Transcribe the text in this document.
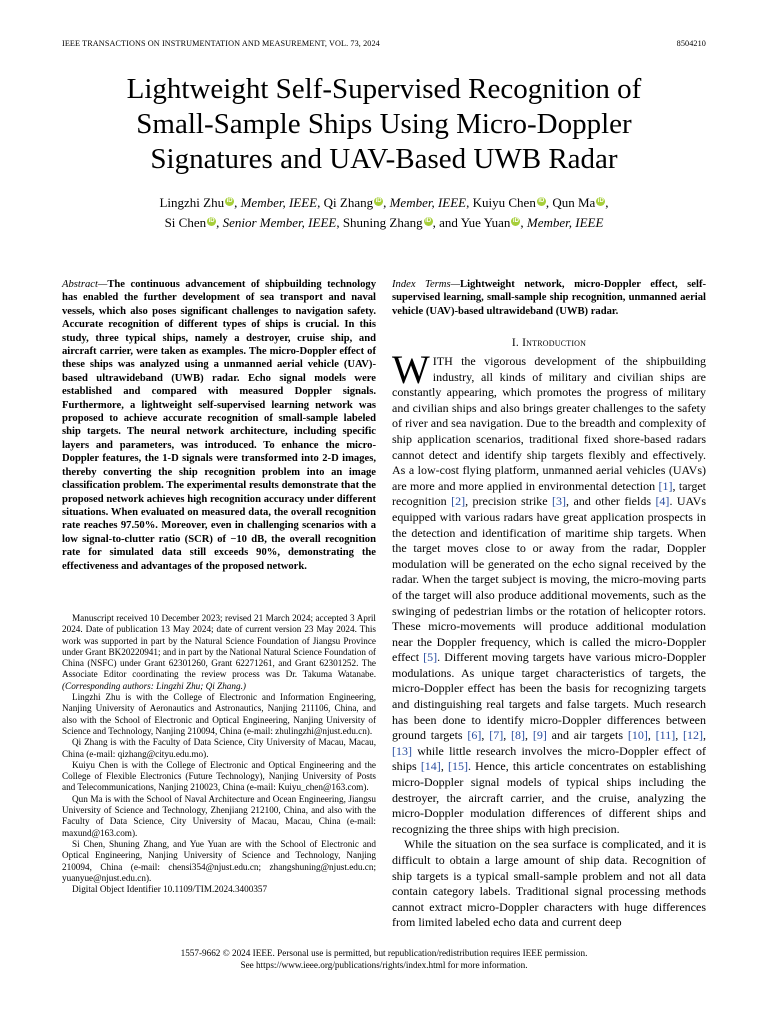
IEEE TRANSACTIONS ON INSTRUMENTATION AND MEASUREMENT, VOL. 73, 2024	8504210
Lightweight Self-Supervised Recognition of
Small-Sample Ships Using Micro-Doppler
Signatures and UAV-Based UWB Radar
Lingzhi Zhu iD , Member, IEEE, Qi Zhang iD , Member, IEEE, Kuiyu Chen iD , Qun Ma iD ,
Si Chen iD , Senior Member, IEEE, Shuning Zhang iD , and Yue Yuan iD , Member, IEEE
Abstract—The continuous advancement of shipbuilding technology has enabled the further development of sea transport and naval vessels, which also poses significant challenges to navigation safety. Accurate recognition of different types of ships is crucial. In this study, three typical ships, namely a destroyer, cruise ship, and aircraft carrier, were taken as examples. The micro-Doppler effect of these ships was analyzed using a unmanned aerial vehicle (UAV)-based ultrawideband (UWB) radar. Echo signal models were established and compared with measured Doppler signals. Furthermore, a lightweight self-supervised learning network was proposed to achieve accurate recognition of small-sample labeled ship targets. The neural network architecture, including specific layers and parameters, was introduced. To enhance the micro-Doppler features, the 1-D signals were transformed into 2-D images, thereby converting the ship recognition problem into an image classification problem. The experimental results demonstrate that the proposed network achieves high recognition accuracy under different situations. When evaluated on measured data, the overall recognition rate reaches 97.50%. Moreover, even in challenging scenarios with a low signal-to-clutter ratio (SCR) of −10 dB, the overall recognition rate for simulated data still exceeds 90%, demonstrating the effectiveness and advantages of the proposed network.
Index Terms—Lightweight network, micro-Doppler effect, self-supervised learning, small-sample ship recognition, unmanned aerial vehicle (UAV)-based ultrawideband (UWB) radar.

Manuscript received 10 December 2023; revised 21 March 2024; accepted 3 April 2024. Date of publication 13 May 2024; date of current version 23 May 2024. This work was supported in part by the Natural Science Foundation of Jiangsu Province under Grant BK20220941; and in part by the National Natural Science Foundation of China (NSFC) under Grant 62301260, Grant 62271261, and Grant 62301252. The Associate Editor coordinating the review process was Dr. Takuma Watanabe. (Corresponding authors: Lingzhi Zhu; Qi Zhang.)

Lingzhi Zhu is with the College of Electronic and Information Engineering, Nanjing University of Aeronautics and Astronautics, Nanjing 211106, China, and also with the School of Electronic and Optical Engineering, Nanjing University of Science and Technology, Nanjing 210094, China (e-mail: zhulingzhi@njust.edu.cn).

Qi Zhang is with the Faculty of Data Science, City University of Macau, Macau, China (e-mail: qizhang@cityu.edu.mo).

Kuiyu Chen is with the College of Electronic and Optical Engineering and the College of Flexible Electronics (Future Technology), Nanjing University of Posts and Telecommunications, Nanjing 210023, China (e-mail: Kuiyu_chen@163.com).

Qun Ma is with the School of Naval Architecture and Ocean Engineering, Jiangsu University of Science and Technology, Zhenjiang 212100, China, and also with the Faculty of Data Science, City University of Macau, Macau, China (e-mail: maxund@163.com).

Si Chen, Shuning Zhang, and Yue Yuan are with the School of Electronic and Optical Engineering, Nanjing University of Science and Technology, Nanjing 210094, China (e-mail: chensi354@njust.edu.cn; zhangshuning@njust.edu.cn; yuanyue@njust.edu.cn).

Digital Object Identifier 10.1109/TIM.2024.3400357

I. Introduction

WITH the vigorous development of the shipbuilding industry, all kinds of military and civilian ships are constantly appearing, which promotes the progress of military and civilian ships and also brings greater challenges to the safety of river and sea navigation. Due to the breadth and complexity of ship application scenarios, traditional fixed shore-based radars cannot detect and identify ship targets flexibly and effectively. As a low-cost flying platform, unmanned aerial vehicles (UAVs) are more and more applied in environmental detection [1], target recognition [2], precision strike [3], and other fields [4]. UAVs equipped with various radars have great application prospects in the detection and identification of maritime ship targets. When the target moves close to or away from the radar, Doppler modulation will be generated on the echo signal received by the radar. When the target subject is moving, the micro-moving parts of the target will also produce additional movements, such as the swinging of pedestrian limbs or the rotation of helicopter rotors. These micro-movements will produce additional modulation near the Doppler frequency, which is called the micro-Doppler effect [5]. Different moving targets have various micro-Doppler modulations. As unique target characteristics of targets, the micro-Doppler effect has been the basis for recognizing targets and distinguishing real targets and false targets. Much research has been done to identify micro-Doppler differences between ground targets [6], [7], [8], [9] and air targets [10], [11], [12], [13] while little research involves the micro-Doppler effect of ships [14], [15]. Hence, this article concentrates on establishing micro-Doppler signal models of typical ships including the destroyer, the aircraft carrier, and the cruise, analyzing the micro-Doppler modulation differences of different ships and recognizing the three ships with high precision.

While the situation on the sea surface is complicated, and it is difficult to obtain a large amount of ship data. Recognition of ship targets is a typical small-sample problem and not all data contain category labels. Traditional signal processing methods cannot extract micro-Doppler characters with huge differences from limited labeled echo data and current deep

1557-9662 © 2024 IEEE. Personal use is permitted, but republication/redistribution requires IEEE permission.
See https://www.ieee.org/publications/rights/index.html for more information.
